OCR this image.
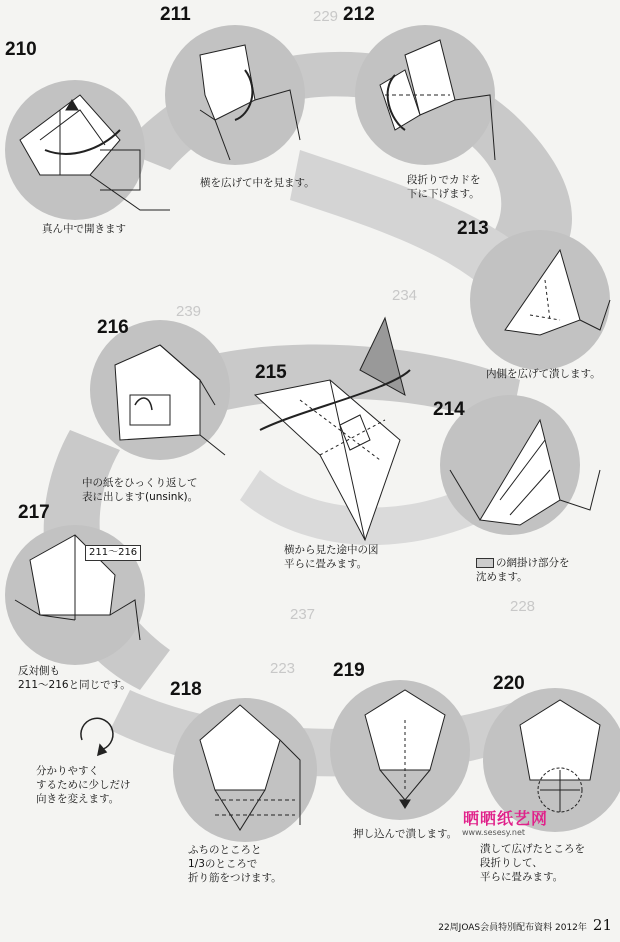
229
239
237
234
228
223
210
211	212
213
214
215
216
217
218
219
220
真ん中で開きます
横を広げて中を見ます。	段折りでカドを
下に下げます。
内側を広げて潰します。
の網掛け部分を
沈めます。
横から見た途中の図
平らに畳みます。
中の紙をひっくり返して
表に出します(unsink)。
211～216
反対側も
211～216と同じです。
分かりやすく
するために少しだけ
向きを変えます。
ふちのところと
1/3のところで
折り筋をつけます。
押し込んで潰します。
潰して広げたところを
段折りして、
平らに畳みます。
晒晒纸艺网
www.sesesy.net
22周JOAS会員特別配布資料 2012年 21
